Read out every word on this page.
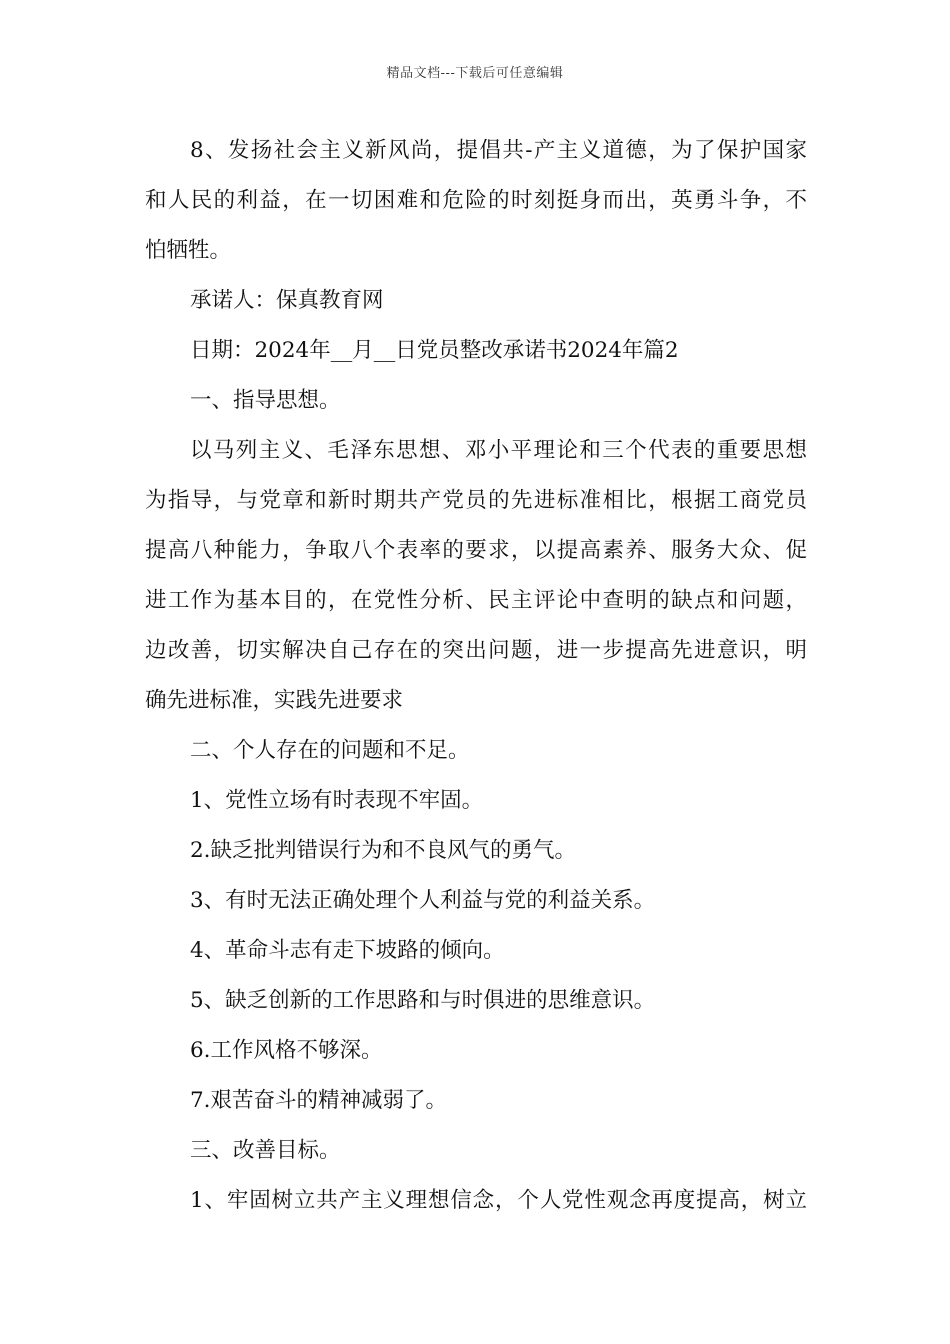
精品文档---下载后可任意编辑
8、发扬社会主义新风尚，提倡共-产主义道德，为了保护国家
和人民的利益，在一切困难和危险的时刻挺身而出，英勇斗争，不
怕牺牲。
承诺人：保真教育网
日期：2024年__月__日党员整改承诺书2024年篇2
一、指导思想。
以马列主义、毛泽东思想、邓小平理论和三个代表的重要思想
为指导，与党章和新时期共产党员的先进标准相比，根据工商党员
提高八种能力，争取八个表率的要求，以提高素养、服务大众、促
进工作为基本目的，在党性分析、民主评论中查明的缺点和问题，
边改善，切实解决自己存在的突出问题，进一步提高先进意识，明
确先进标准，实践先进要求
二、个人存在的问题和不足。
1、党性立场有时表现不牢固。
2.缺乏批判错误行为和不良风气的勇气。
3、有时无法正确处理个人利益与党的利益关系。
4、革命斗志有走下坡路的倾向。
5、缺乏创新的工作思路和与时俱进的思维意识。
6.工作风格不够深。
7.艰苦奋斗的精神减弱了。
三、改善目标。
1、牢固树立共产主义理想信念，个人党性观念再度提高，树立
